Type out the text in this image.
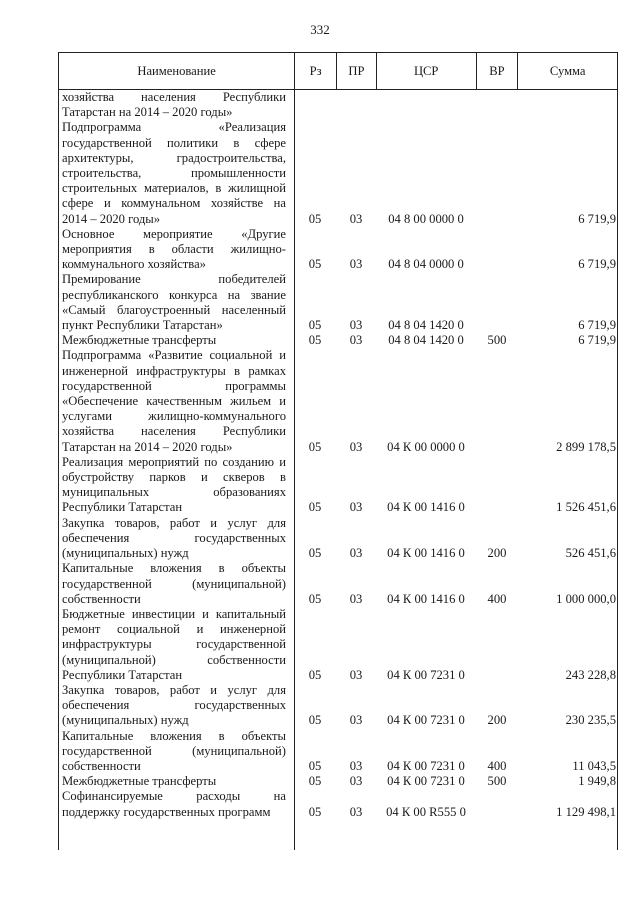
332
Наименование	Рз	ПР	ЦСР	ВР	Сумма
хозяйства населения Республики
Татарстан на 2014 – 2020 годы»
Подпрограмма «Реализация
государственной политики в сфере
архитектуры, градостроительства,
строительства, промышленности
строительных материалов, в жилищной
сфере и коммунальном хозяйстве на
2014 – 2020 годы»	05	03	04 8 00 0000 0	6 719,9
Основное мероприятие «Другие
мероприятия в области жилищно-
коммунального хозяйства»	05	03	04 8 04 0000 0	6 719,9
Премирование победителей
республиканского конкурса на звание
«Самый благоустроенный населенный
пункт Республики Татарстан»	05	03	04 8 04 1420 0	6 719,9
Межбюджетные трансферты	05	03	04 8 04 1420 0	500	6 719,9
Подпрограмма «Развитие социальной и
инженерной инфраструктуры в рамках
государственной программы
«Обеспечение качественным жильем и
услугами жилищно-коммунального
хозяйства населения Республики
Татарстан на 2014 – 2020 годы»	05	03	04 К 00 0000 0	2 899 178,5
Реализация мероприятий по созданию и
обустройству парков и скверов в
муниципальных образованиях
Республики Татарстан	05	03	04 К 00 1416 0	1 526 451,6
Закупка товаров, работ и услуг для
обеспечения государственных
(муниципальных) нужд	05	03	04 К 00 1416 0	200	526 451,6
Капитальные вложения в объекты
государственной (муниципальной)
собственности	05	03	04 К 00 1416 0	400	1 000 000,0
Бюджетные инвестиции и капитальный
ремонт социальной и инженерной
инфраструктуры государственной
(муниципальной) собственности
Республики Татарстан	05	03	04 К 00 7231 0	243 228,8
Закупка товаров, работ и услуг для
обеспечения государственных
(муниципальных) нужд	05	03	04 К 00 7231 0	200	230 235,5
Капитальные вложения в объекты
государственной (муниципальной)
собственности	05	03	04 К 00 7231 0	400	11 043,5
Межбюджетные трансферты	05	03	04 К 00 7231 0	500	1 949,8
Софинансируемые расходы на
поддержку государственных программ	05	03	04 К 00 R555 0	1 129 498,1
